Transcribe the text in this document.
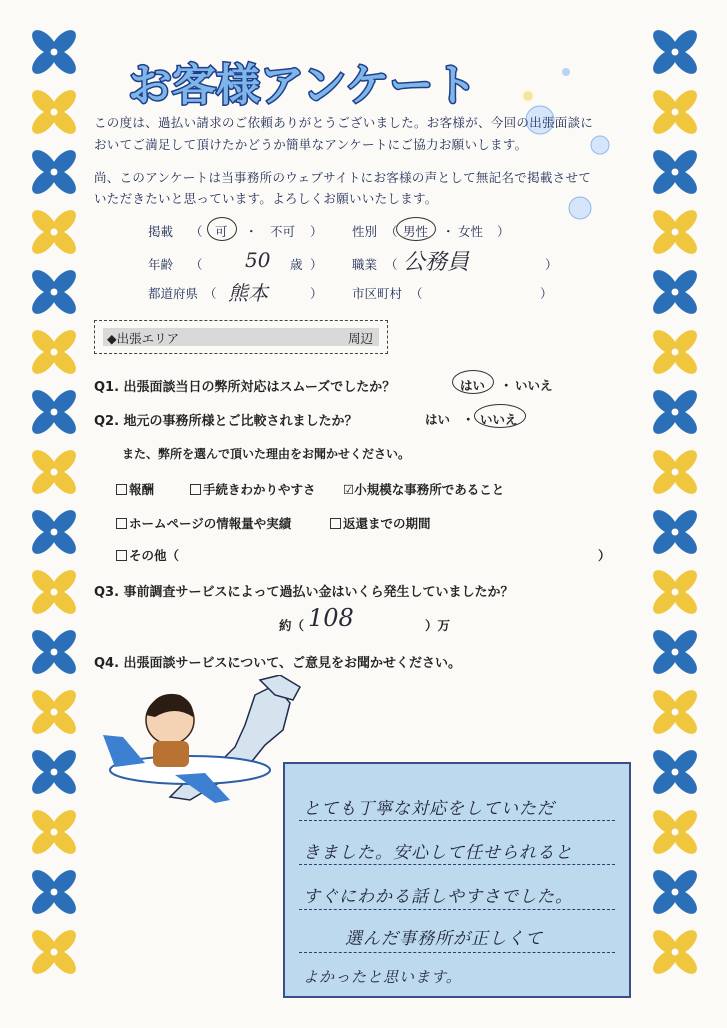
お客様アンケート
この度は、過払い請求のご依頼ありがとうございました。お客様が、今回の出張面談に
おいてご満足して頂けたかどうか簡単なアンケートにご協力お願いします。
尚、このアンケートは当事務所のウェブサイトにお客様の声として無記名で掲載させて
いただきたいと思っています。よろしくお願いいたします。
掲載 （ 可 ・ 不可 ） 性別 （ 男性 ・ 女性 ）
年齢 （ 50 歳 ） 職業 （ 公務員	）
都道府県 （ 熊本	） 市区町村 （	）
◆出張エリア	周辺
Q1. 出張面談当日の弊所対応はスムーズでしたか？	はい ・ いいえ
Q2. 地元の事務所様とご比較されましたか？	はい ・ いいえ
また、弊所を選んで頂いた理由をお聞かせください。
報酬	手続きわかりやすさ ☑小規模な事務所であること
ホームページの情報量や実績	返還までの期間
その他（	）
Q3. 事前調査サービスによって過払い金はいくら発生していましたか？
約（ 108	）万
Q4. 出張面談サービスについて、ご意見をお聞かせください。
とても丁寧な対応をしていただ
きました。安心して任せられると
すぐにわかる話しやすさでした。
選んだ事務所が正しくて
よかったと思います。
